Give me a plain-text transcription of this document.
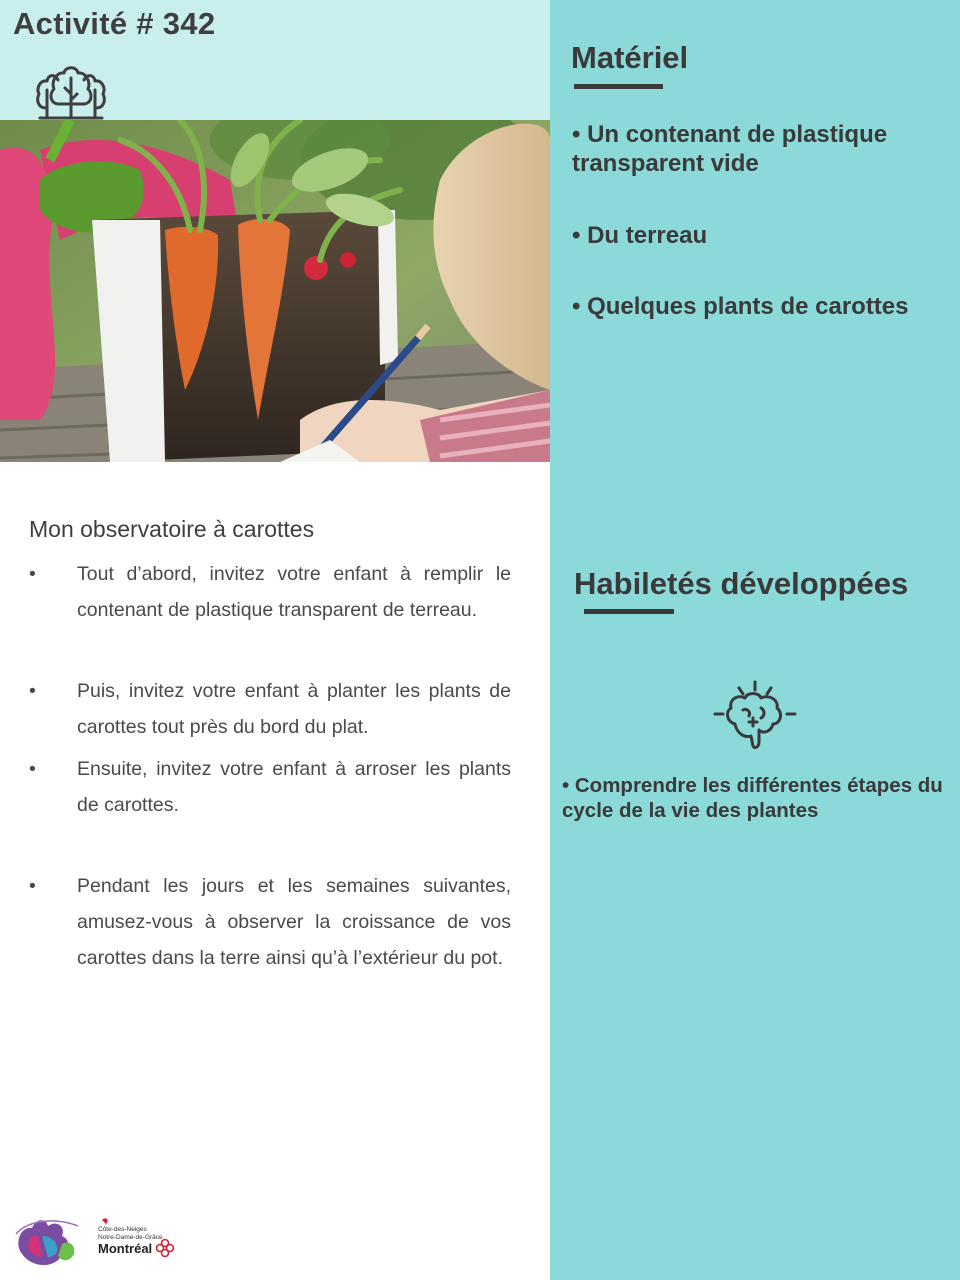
Activité # 342
Mon observatoire à carottes
• Tout d’abord, invitez votre enfant à remplir le contenant de plastique transparent de terreau.
• Puis, invitez votre enfant à planter les plants de carottes tout près du bord du plat.
• Ensuite, invitez votre enfant à arroser les plants de carottes.
• Pendant les jours et les semaines suivantes, amusez-vous à observer la croissance de vos carottes dans la terre ainsi qu’à l’extérieur du pot.
Côte-des-Neiges
Notre-Dame-de-Grâce
Montréal
Matériel

• Un contenant de plastique transparent vide

• Du terreau

• Quelques plants de carottes

Habiletés développées

• Comprendre les différentes étapes du cycle de la vie des plantes
